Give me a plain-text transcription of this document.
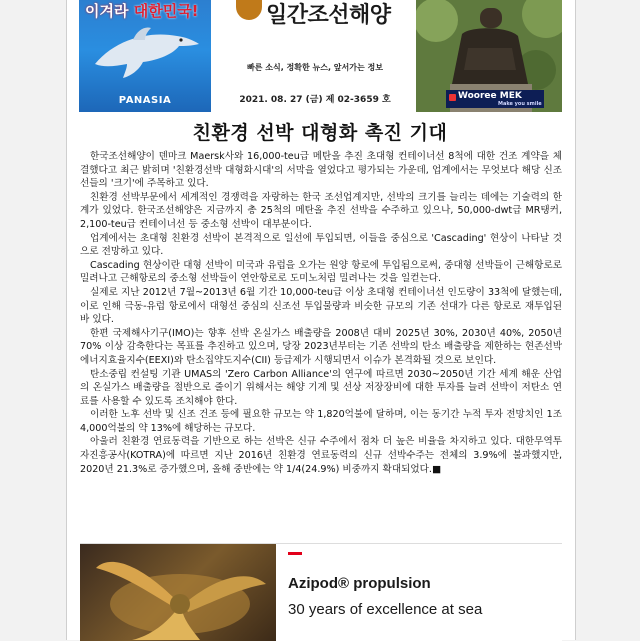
이겨라 대한민국!
PANASIA
일간조선해양
빠른 소식, 정확한 뉴스, 앞서가는 정보
2021. 08. 27 (금) 제 02-3659 호	Wooree MEK
Make you smile
친환경 선박 대형화 촉진 기대

한국조선해양이 덴마크 Maersk사와 16,000-teu급 메탄올 추진 초대형 컨테이너선 8척에 대한 건조 계약을 체결했다고 최근 밝히며 '친환경선박 대형화시대'의 서막을 열었다고 평가되는 가운데, 업계에서는 무엇보다 해당 신조선들의 '크기'에 주목하고 있다.

친환경 선박부문에서 세계적인 경쟁력을 자랑하는 한국 조선업계지만, 선박의 크기를 늘리는 데에는 기술력의 한계가 있었다. 한국조선해양은 지금까지 총 25척의 메탄올 추진 선박을 수주하고 있으나, 50,000-dwt급 MR탱커, 2,100-teu급 컨테이너선 등 중소형 선박이 대부분이다.

업계에서는 초대형 친환경 선박이 본격적으로 일선에 투입되면, 이들을 중심으로 'Cascading' 현상이 나타날 것으로 전망하고 있다.

Cascading 현상이란 대형 선박이 미국과 유럽을 오가는 원양 항로에 투입됨으로써, 중대형 선박들이 근해항로로 밀려나고 근해항로의 중소형 선박들이 연안항로로 도미노처럼 밀려나는 것을 일컫는다.

실제로 지난 2012년 7월~2013년 6월 기간 10,000-teu급 이상 초대형 컨테이너선 인도량이 33척에 달했는데, 이로 인해 극동-유럽 항로에서 대형선 중심의 신조선 투입물량과 비슷한 규모의 기존 선대가 다른 항로로 재투입된 바 있다.

한편 국제해사기구(IMO)는 향후 선박 온실가스 배출량을 2008년 대비 2025년 30%, 2030년 40%, 2050년 70% 이상 감축한다는 목표를 추진하고 있으며, 당장 2023년부터는 기존 선박의 탄소 배출량을 제한하는 현존선박에너지효율지수(EEXI)와 탄소집약도지수(CII) 등급제가 시행되면서 이슈가 본격화될 것으로 보인다.

탄소중립 컨설팅 기관 UMAS의 'Zero Carbon Alliance'의 연구에 따르면 2030~2050년 기간 세계 해운 산업의 온실가스 배출량을 절반으로 줄이기 위해서는 해양 기계 및 선상 저장장비에 대한 투자를 늘려 선박이 저탄소 연료를 사용할 수 있도록 조치해야 한다.

이러한 노후 선박 및 신조 건조 등에 필요한 규모는 약 1,820억불에 달하며, 이는 동기간 누적 투자 전망치인 1조 4,000억불의 약 13%에 해당하는 규모다.

아울러 친환경 연료동력을 기반으로 하는 선박은 신규 수주에서 점차 더 높은 비율을 차지하고 있다. 대한무역투자진흥공사(KOTRA)에 따르면 지난 2016년 친환경 연료동력의 신규 선박수주는 전체의 3.9%에 불과했지만, 2020년 21.3%로 증가했으며, 올해 중반에는 약 1/4(24.9%) 비중까지 확대되었다.■

Azipod® propulsion
30 years of excellence at sea
